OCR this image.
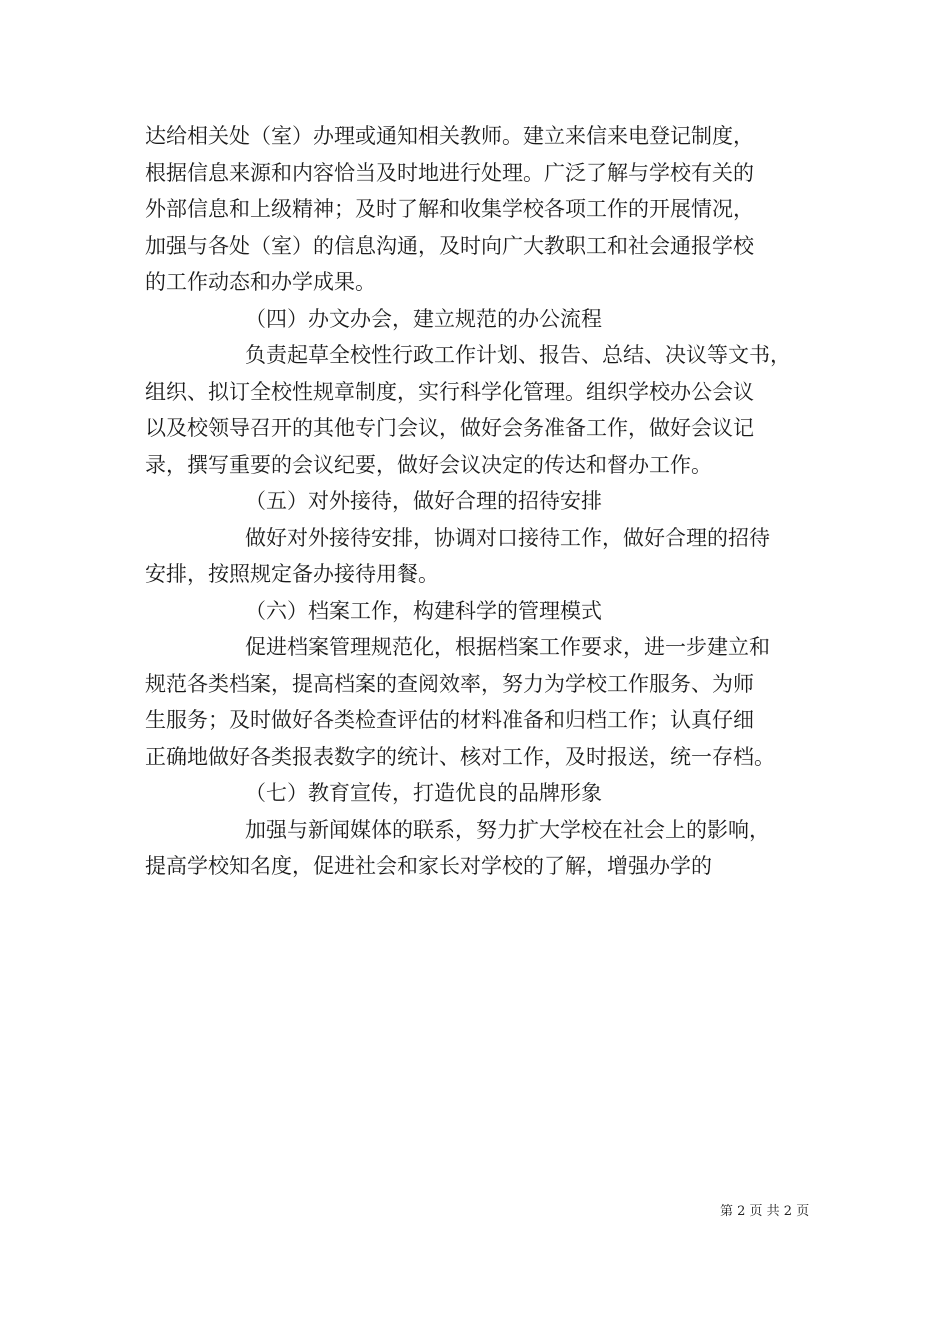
达给相关处（室）办理或通知相关教师。建立来信来电登记制度，
根据信息来源和内容恰当及时地进行处理。广泛了解与学校有关的
外部信息和上级精神；及时了解和收集学校各项工作的开展情况，
加强与各处（室）的信息沟通，及时向广大教职工和社会通报学校
的工作动态和办学成果。
（四）办文办会，建立规范的办公流程
负责起草全校性行政工作计划、报告、总结、决议等文书，
组织、拟订全校性规章制度，实行科学化管理。组织学校办公会议
以及校领导召开的其他专门会议，做好会务准备工作，做好会议记
录，撰写重要的会议纪要，做好会议决定的传达和督办工作。
（五）对外接待，做好合理的招待安排
做好对外接待安排，协调对口接待工作，做好合理的招待
安排，按照规定备办接待用餐。
（六）档案工作，构建科学的管理模式
促进档案管理规范化，根据档案工作要求，进一步建立和
规范各类档案，提高档案的查阅效率，努力为学校工作服务、为师
生服务；及时做好各类检查评估的材料准备和归档工作；认真仔细
正确地做好各类报表数字的统计、核对工作，及时报送，统一存档。
（七）教育宣传，打造优良的品牌形象
加强与新闻媒体的联系，努力扩大学校在社会上的影响，
提高学校知名度，促进社会和家长对学校的了解，增强办学的
第 2 页 共 2 页
